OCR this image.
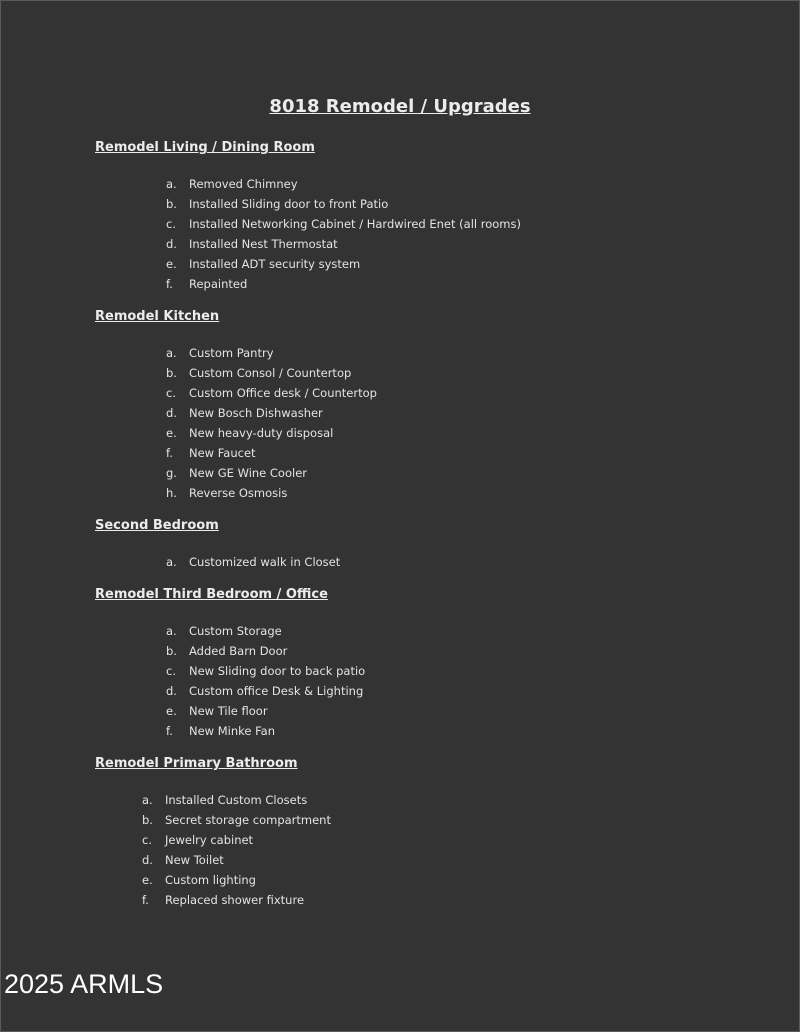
8018 Remodel / Upgrades
Remodel Living / Dining Room
a. Removed Chimney
b. Installed Sliding door to front Patio
c. Installed Networking Cabinet / Hardwired Enet (all rooms)
d. Installed Nest Thermostat
e. Installed ADT security system
f. Repainted
Remodel Kitchen
a. Custom Pantry
b. Custom Consol / Countertop
c. Custom Office desk / Countertop
d. New Bosch Dishwasher
e. New heavy-duty disposal
f. New Faucet
g. New GE Wine Cooler
h. Reverse Osmosis
Second Bedroom
a. Customized walk in Closet
Remodel Third Bedroom / Office
a. Custom Storage
b. Added Barn Door
c. New Sliding door to back patio
d. Custom office Desk & Lighting
e. New Tile floor
f. New Minke Fan
Remodel Primary Bathroom
a. Installed Custom Closets
b. Secret storage compartment
c. Jewelry cabinet
d. New Toilet
e. Custom lighting
f. Replaced shower fixture
2025 ARMLS
